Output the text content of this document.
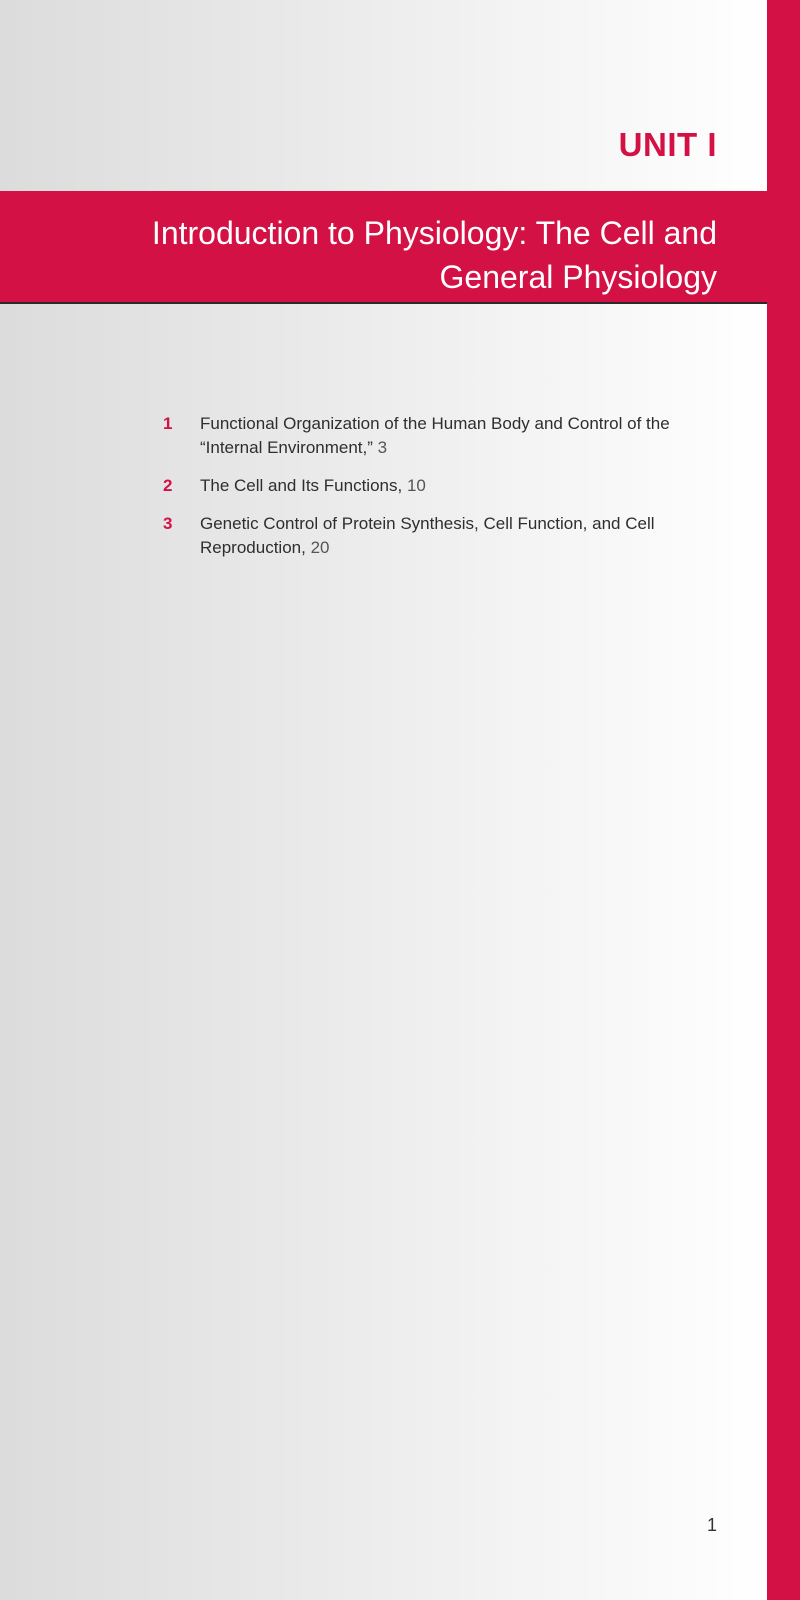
UNIT I
Introduction to Physiology: The Cell and General Physiology
1	Functional Organization of the Human Body and Control of the “Internal Environment,” 3
2	The Cell and Its Functions, 10
3	Genetic Control of Protein Synthesis, Cell Function, and Cell Reproduction, 20
1
